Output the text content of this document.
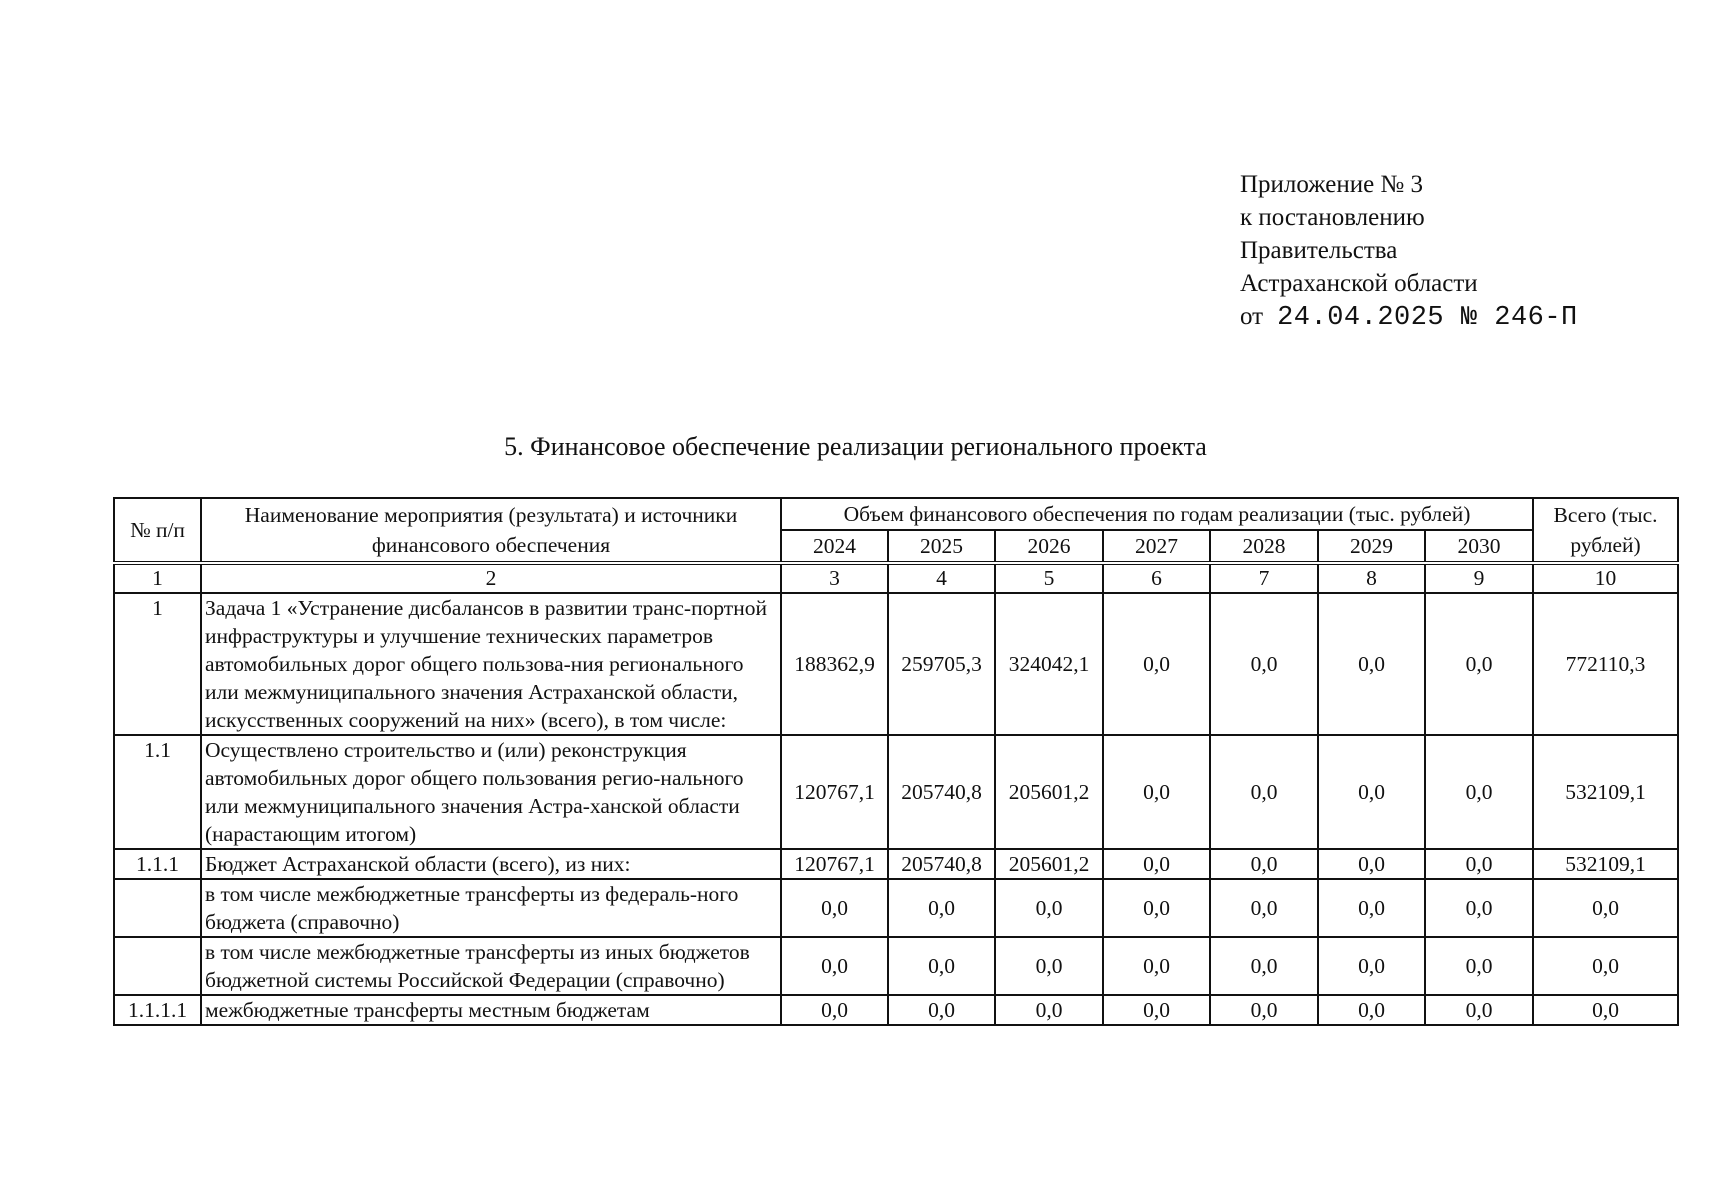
Приложение № 3
к постановлению
Правительства
Астраханской области
от 24.04.2025 № 246-П
5. Финансовое обеспечение реализации регионального проекта
№ п/п	Наименование мероприятия (результата) и источники финансового обеспечения	Объем финансового обеспечения по годам реализации (тыс. рублей)							Всего (тыс. рублей)
		2024	2025	2026	2027	2028	2029	2030	
1	2	3	4	5	6	7	8	9	10
1	Задача 1 «Устранение дисбалансов в развитии транс-портной инфраструктуры и улучшение технических параметров автомобильных дорог общего пользова-ния регионального или межмуниципального значения Астраханской области, искусственных сооружений на них» (всего), в том числе:	188362,9	259705,3	324042,1	0,0	0,0	0,0	0,0	772110,3
1.1	Осуществлено строительство и (или) реконструкция автомобильных дорог общего пользования регио-нального или межмуниципального значения Астра-ханской области (нарастающим итогом)	120767,1	205740,8	205601,2	0,0	0,0	0,0	0,0	532109,1
1.1.1	Бюджет Астраханской области (всего), из них:	120767,1	205740,8	205601,2	0,0	0,0	0,0	0,0	532109,1
	в том числе межбюджетные трансферты из федераль-ного бюджета (справочно)	0,0	0,0	0,0	0,0	0,0	0,0	0,0	0,0
	в том числе межбюджетные трансферты из иных бюджетов бюджетной системы Российской Федерации (справочно)	0,0	0,0	0,0	0,0	0,0	0,0	0,0	0,0
1.1.1.1	межбюджетные трансферты местным бюджетам	0,0	0,0	0,0	0,0	0,0	0,0	0,0	0,0
